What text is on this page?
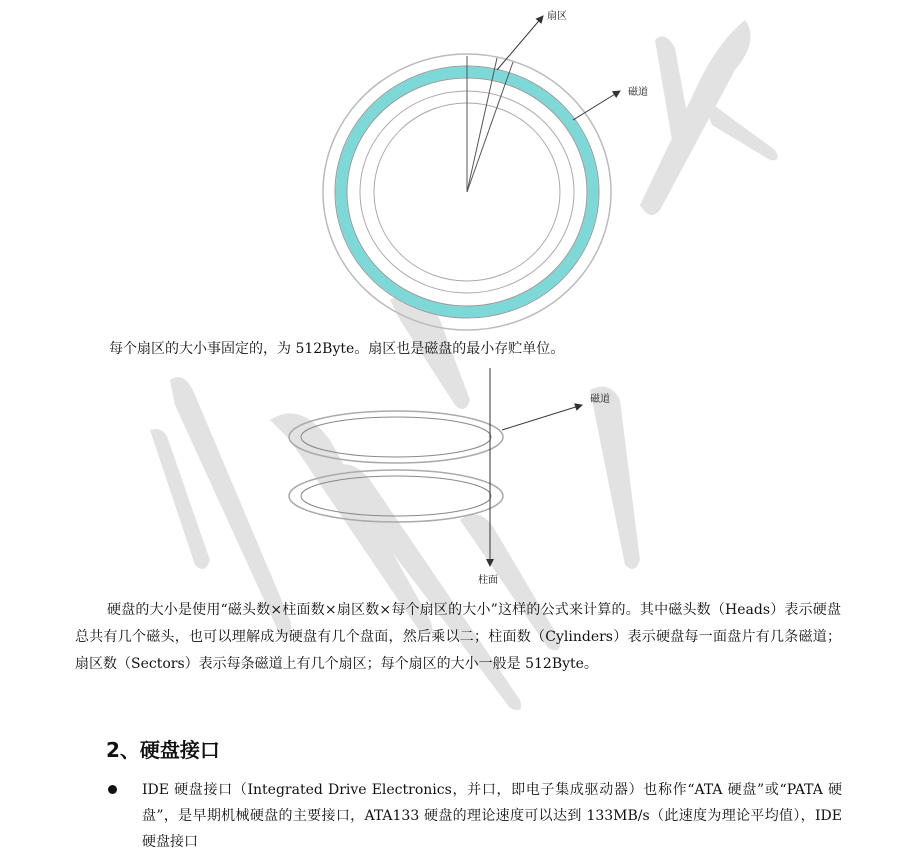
扇区
磁道
每个扇区的大小事固定的，为 512Byte。扇区也是磁盘的最小存贮单位。
柱面
磁道
硬盘的大小是使用“磁头数×柱面数×扇区数×每个扇区的大小”这样的公式来计算的。其中磁头数（Heads）表示硬盘总共有几个磁头，也可以理解成为硬盘有几个盘面，然后乘以二；柱面数（Cylinders）表示硬盘每一面盘片有几条磁道；扇区数（Sectors）表示每条磁道上有几个扇区；每个扇区的大小一般是 512Byte。
2、硬盘接口
IDE 硬盘接口（Integrated Drive Electronics，并口，即电子集成驱动器）也称作“ATA 硬盘”或“PATA 硬盘”，是早期机械硬盘的主要接口，ATA133 硬盘的理论速度可以达到 133MB/s（此速度为理论平均值），IDE 硬盘接口
